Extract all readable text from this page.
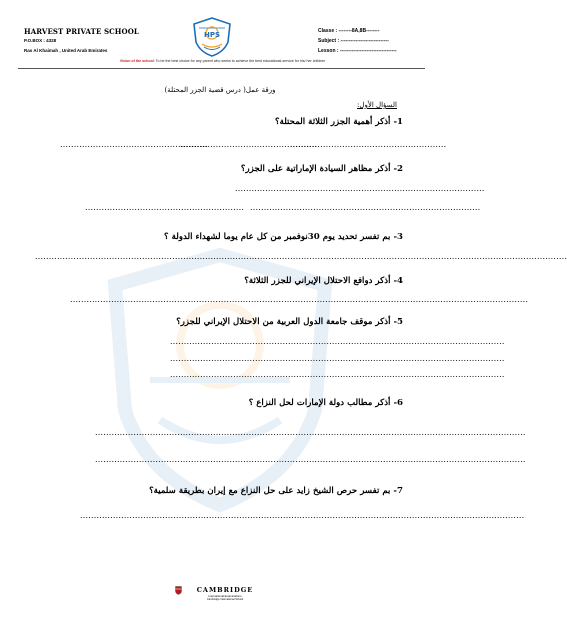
HARVEST PRIVATE SCHOOL
P.O.BOX : 4328
Ras Al Khaimah , United Arab Emirates
HPS	Classe : --------8A,8B--------
Subject : -----------------------------
Lesson : ----------------------------------
Vision of the school: To be the best choice for any parent who seeks to achieve the best educational service for his/ her children
ورقة عمل( درس قضية الجزر المحتلة)
السؤال الأول:
1- أذكر أهمية الجزر الثلاثة المحتلة؟
......................................................
..................................................
.........................................................
2- أذكر مظاهر السيادة الإماراتية على الجزر؟
...........................................................................................
.......................................................... ....................................................................................
3- بم تفسر تحديد يوم 30نوفمبر من كل عام يوما لشهداء الدولة ؟
..................................................................................................................................................................................................
4- أذكر دوافع الاحتلال الإيراني للجزر الثلاثة؟
.......................................................................................................................................................................
5- أذكر موقف جامعة الدول العربية من الاحتلال الإيراني للجزر؟
..........................................................................................................................
..........................................................................................................................
..........................................................................................................................
6- أذكر مطالب دولة الإمارات لحل النزاع ؟
.............................................................................................................................................................
.............................................................................................................................................................
7- بم تفسر حرص الشيخ زايد على حل النزاع مع إيران بطريقة سلمية؟
..................................................................................................................................................................
CAMBRIDGE
International Examinations
Cambridge International School
